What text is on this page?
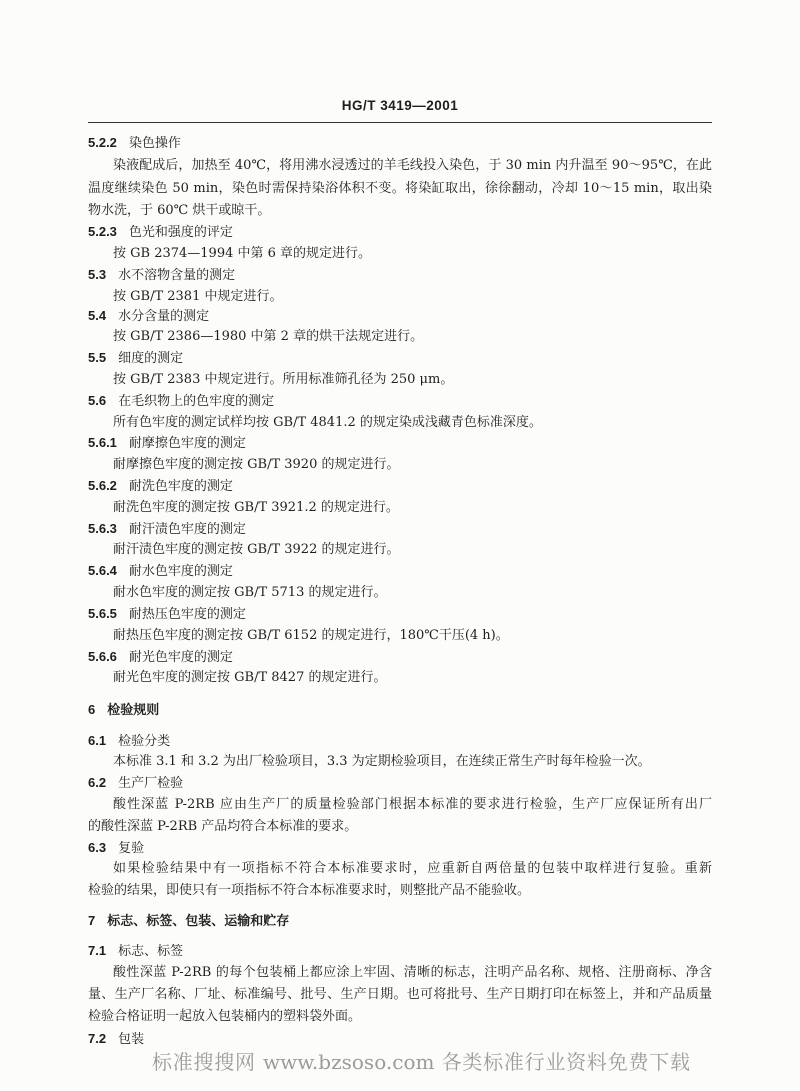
HG/T 3419—2001
5.2.2 染色操作
染液配成后，加热至 40℃，将用沸水浸透过的羊毛线投入染色，于 30 min 内升温至 90～95℃，在此
温度继续染色 50 min，染色时需保持染浴体积不变。将染缸取出，徐徐翻动，冷却 10～15 min，取出染
物水洗，于 60℃ 烘干或晾干。
5.2.3 色光和强度的评定
按 GB 2374—1994 中第 6 章的规定进行。
5.3 水不溶物含量的测定
按 GB/T 2381 中规定进行。
5.4 水分含量的测定
按 GB/T 2386—1980 中第 2 章的烘干法规定进行。
5.5 细度的测定
按 GB/T 2383 中规定进行。所用标准筛孔径为 250 μm。
5.6 在毛织物上的色牢度的测定
所有色牢度的测定试样均按 GB/T 4841.2 的规定染成浅藏青色标准深度。
5.6.1 耐摩擦色牢度的测定
耐摩擦色牢度的测定按 GB/T 3920 的规定进行。
5.6.2 耐洗色牢度的测定
耐洗色牢度的测定按 GB/T 3921.2 的规定进行。
5.6.3 耐汗渍色牢度的测定
耐汗渍色牢度的测定按 GB/T 3922 的规定进行。
5.6.4 耐水色牢度的测定
耐水色牢度的测定按 GB/T 5713 的规定进行。
5.6.5 耐热压色牢度的测定
耐热压色牢度的测定按 GB/T 6152 的规定进行，180℃干压(4 h)。
5.6.6 耐光色牢度的测定
耐光色牢度的测定按 GB/T 8427 的规定进行。
6 检验规则
6.1 检验分类
本标准 3.1 和 3.2 为出厂检验项目，3.3 为定期检验项目，在连续正常生产时每年检验一次。
6.2 生产厂检验
酸性深蓝 P-2RB 应由生产厂的质量检验部门根据本标准的要求进行检验，生产厂应保证所有出厂
的酸性深蓝 P-2RB 产品均符合本标准的要求。
6.3 复验
如果检验结果中有一项指标不符合本标准要求时，应重新自两倍量的包装中取样进行复验。重新
检验的结果，即使只有一项指标不符合本标准要求时，则整批产品不能验收。
7 标志、标签、包装、运输和贮存
7.1 标志、标签
酸性深蓝 P-2RB 的每个包装桶上都应涂上牢固、清晰的标志，注明产品名称、规格、注册商标、净含
量、生产厂名称、厂址、标准编号、批号、生产日期。也可将批号、生产日期打印在标签上，并和产品质量
检验合格证明一起放入包装桶内的塑料袋外面。
7.2 包装
标准搜搜网 www.bzsoso.com 各类标准行业资料免费下载
